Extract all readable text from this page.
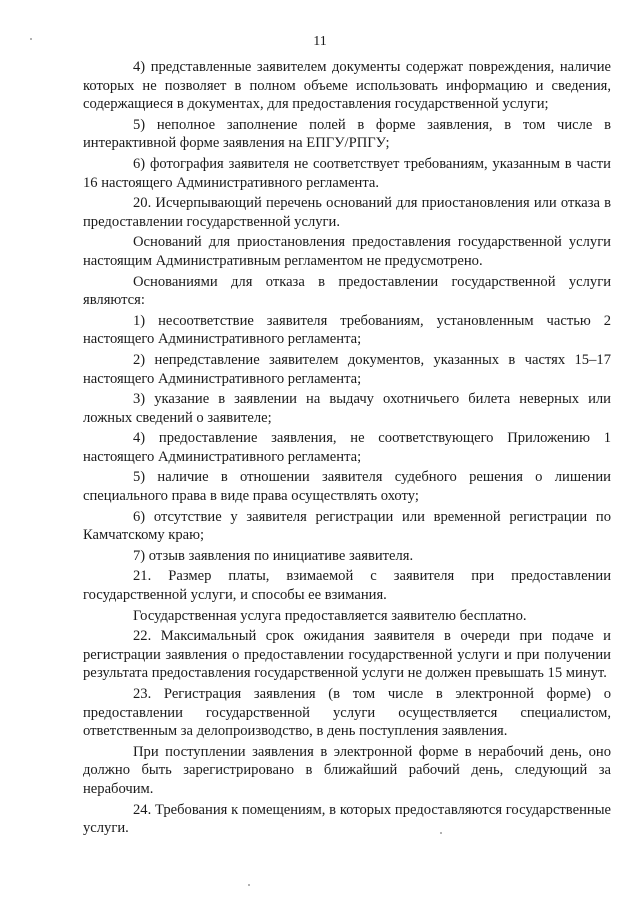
11

4) представленные заявителем документы содержат повреждения, наличие которых не позволяет в полном объеме использовать информацию и сведения, содержащиеся в документах, для предоставления государственной услуги;

5) неполное заполнение полей в форме заявления, в том числе в интерактивной форме заявления на ЕПГУ/РПГУ;

6) фотография заявителя не соответствует требованиям, указанным в части 16 настоящего Административного регламента.

20. Исчерпывающий перечень оснований для приостановления или отказа в предоставлении государственной услуги.

Оснований для приостановления предоставления государственной услуги настоящим Административным регламентом не предусмотрено.

Основаниями для отказа в предоставлении государственной услуги являются:

1) несоответствие заявителя требованиям, установленным частью 2 настоящего Административного регламента;

2) непредставление заявителем документов, указанных в частях 15–17 настоящего Административного регламента;

3) указание в заявлении на выдачу охотничьего билета неверных или ложных сведений о заявителе;

4) предоставление заявления, не соответствующего Приложению 1 настоящего Административного регламента;

5) наличие в отношении заявителя судебного решения о лишении специального права в виде права осуществлять охоту;

6) отсутствие у заявителя регистрации или временной регистрации по Камчатскому краю;

7) отзыв заявления по инициативе заявителя.

21. Размер платы, взимаемой с заявителя при предоставлении государственной услуги, и способы ее взимания.

Государственная услуга предоставляется заявителю бесплатно.

22. Максимальный срок ожидания заявителя в очереди при подаче и регистрации заявления о предоставлении государственной услуги и при получении результата предоставления государственной услуги не должен превышать 15 минут.

23. Регистрация заявления (в том числе в электронной форме) о предоставлении государственной услуги осуществляется специалистом, ответственным за делопроизводство, в день поступления заявления.

При поступлении заявления в электронной форме в нерабочий день, оно должно быть зарегистрировано в ближайший рабочий день, следующий за нерабочим.

24. Требования к помещениям, в которых предоставляются государственные услуги.
